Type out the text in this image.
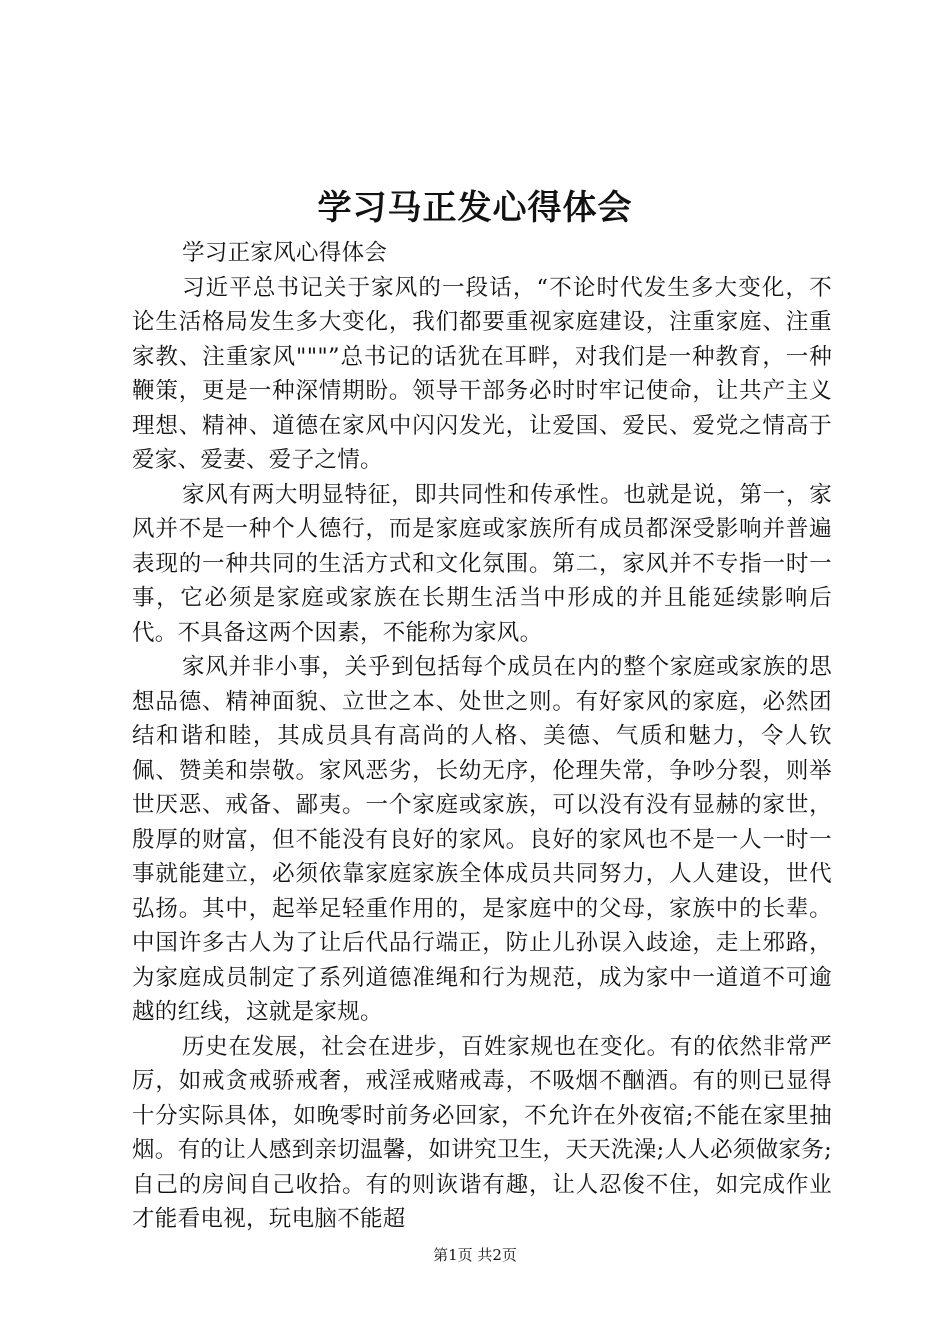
学习马正发心得体会

学习正家风心得体会

习近平总书记关于家风的一段话，“不论时代发生多大变化，不论生活格局发生多大变化，我们都要重视家庭建设，注重家庭、注重家教、注重家风"""”总书记的话犹在耳畔，对我们是一种教育，一种鞭策，更是一种深情期盼。领导干部务必时时牢记使命，让共产主义理想、精神、道德在家风中闪闪发光，让爱国、爱民、爱党之情高于爱家、爱妻、爱子之情。

家风有两大明显特征，即共同性和传承性。也就是说，第一，家风并不是一种个人德行，而是家庭或家族所有成员都深受影响并普遍表现的一种共同的生活方式和文化氛围。第二，家风并不专指一时一事，它必须是家庭或家族在长期生活当中形成的并且能延续影响后代。不具备这两个因素，不能称为家风。

家风并非小事，关乎到包括每个成员在内的整个家庭或家族的思想品德、精神面貌、立世之本、处世之则。有好家风的家庭，必然团结和谐和睦，其成员具有高尚的人格、美德、气质和魅力，令人钦佩、赞美和崇敬。家风恶劣，长幼无序，伦理失常，争吵分裂，则举世厌恶、戒备、鄙夷。一个家庭或家族，可以没有没有显赫的家世，殷厚的财富，但不能没有良好的家风。良好的家风也不是一人一时一事就能建立，必须依靠家庭家族全体成员共同努力，人人建设，世代弘扬。其中，起举足轻重作用的，是家庭中的父母，家族中的长辈。中国许多古人为了让后代品行端正，防止儿孙误入歧途，走上邪路，为家庭成员制定了系列道德准绳和行为规范，成为家中一道道不可逾越的红线，这就是家规。

历史在发展，社会在进步，百姓家规也在变化。有的依然非常严厉，如戒贪戒骄戒奢，戒淫戒赌戒毒，不吸烟不酗酒。有的则已显得十分实际具体，如晚零时前务必回家，不允许在外夜宿;不能在家里抽烟。有的让人感到亲切温馨，如讲究卫生，天天洗澡;人人必须做家务;自己的房间自己收拾。有的则诙谐有趣，让人忍俊不住，如完成作业才能看电视，玩电脑不能超

第1页 共2页
